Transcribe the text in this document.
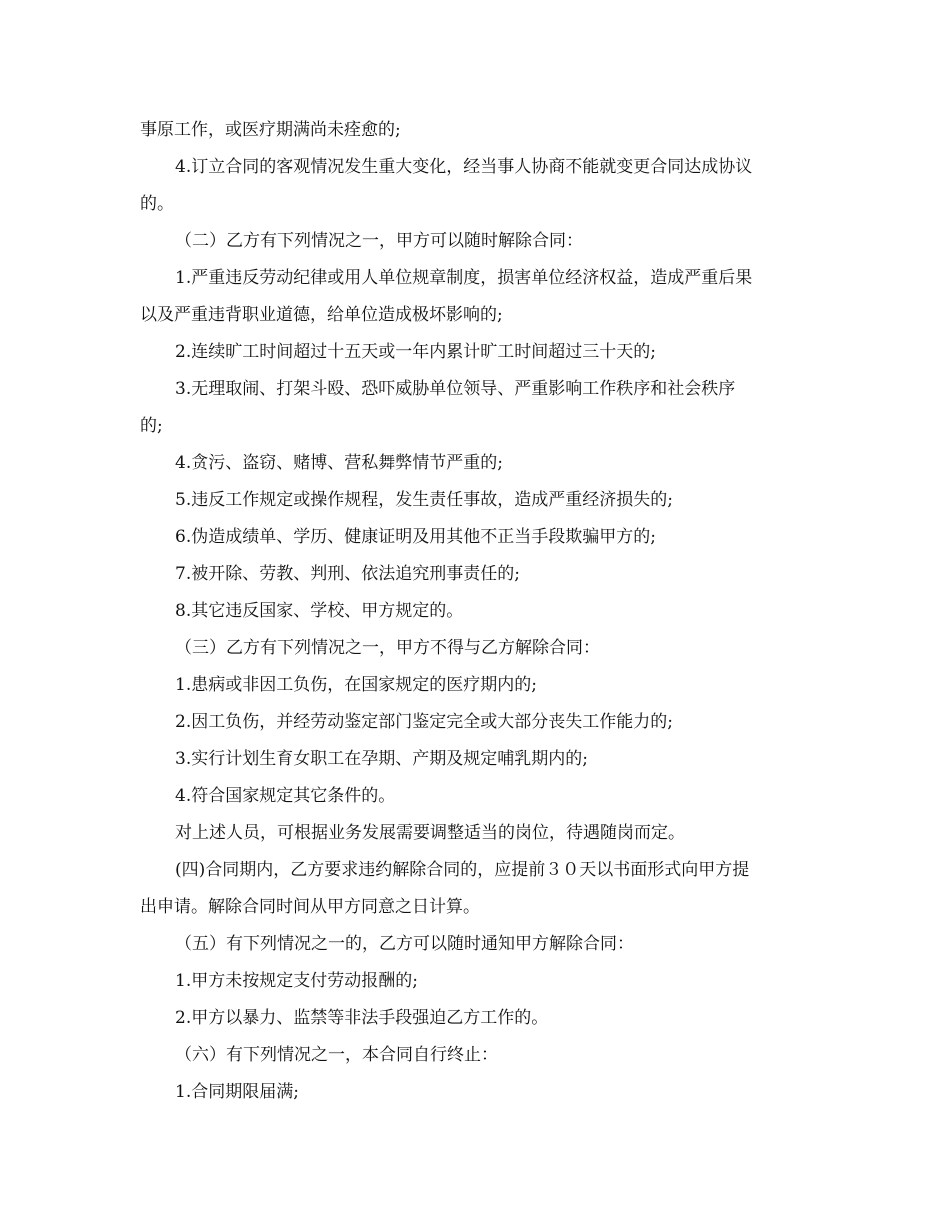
事原工作，或医疗期满尚未痊愈的;
4.订立合同的客观情况发生重大变化，经当事人协商不能就变更合同达成协议
的。
（二）乙方有下列情况之一，甲方可以随时解除合同：
1.严重违反劳动纪律或用人单位规章制度，损害单位经济权益，造成严重后果
以及严重违背职业道德，给单位造成极坏影响的;
2.连续旷工时间超过十五天或一年内累计旷工时间超过三十天的;
3.无理取闹、打架斗殴、恐吓威胁单位领导、严重影响工作秩序和社会秩序
的;
4.贪污、盗窃、赌博、营私舞弊情节严重的;
5.违反工作规定或操作规程，发生责任事故，造成严重经济损失的;
6.伪造成绩单、学历、健康证明及用其他不正当手段欺骗甲方的;
7.被开除、劳教、判刑、依法追究刑事责任的;
8.其它违反国家、学校、甲方规定的。
（三）乙方有下列情况之一，甲方不得与乙方解除合同：
1.患病或非因工负伤，在国家规定的医疗期内的;
2.因工负伤，并经劳动鉴定部门鉴定完全或大部分丧失工作能力的;
3.实行计划生育女职工在孕期、产期及规定哺乳期内的;
4.符合国家规定其它条件的。
对上述人员，可根据业务发展需要调整适当的岗位，待遇随岗而定。
(四)合同期内，乙方要求违约解除合同的，应提前３０天以书面形式向甲方提
出申请。解除合同时间从甲方同意之日计算。
（五）有下列情况之一的，乙方可以随时通知甲方解除合同：
1.甲方未按规定支付劳动报酬的;
2.甲方以暴力、监禁等非法手段强迫乙方工作的。
（六）有下列情况之一，本合同自行终止：
1.合同期限届满;
